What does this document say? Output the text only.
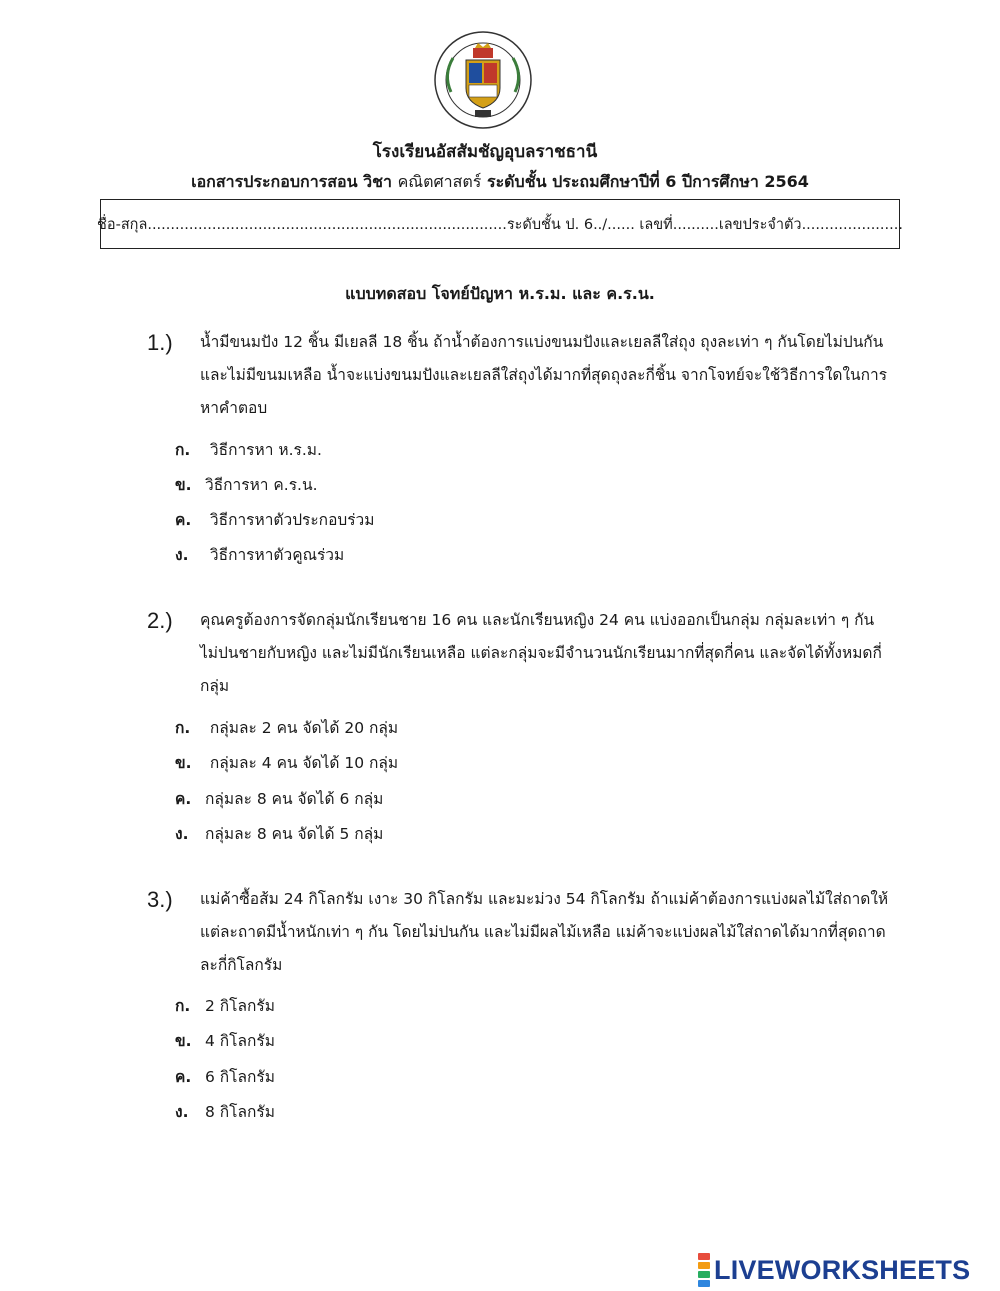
โรงเรียนอัสสัมชัญอุบลราชธานี
เอกสารประกอบการสอน วิชา คณิตศาสตร์ ระดับชั้น ประถมศึกษาปีที่ 6 ปีการศึกษา 2564
ชื่อ-สกุล..............................................................................ระดับชั้น ป. 6../...... เลขที่..........เลขประจำตัว......................
แบบทดสอบ โจทย์ปัญหา ห.ร.ม. และ ค.ร.น.
1.) น้ำมีขนมปัง 12 ชิ้น มีเยลลี 18 ชิ้น ถ้าน้ำต้องการแบ่งขนมปังและเยลลีใส่ถุง ถุงละเท่า ๆ กันโดยไม่ปนกันและไม่มีขนมเหลือ น้ำจะแบ่งขนมปังและเยลลีใส่ถุงได้มากที่สุดถุงละกี่ชิ้น จากโจทย์จะใช้วิธีการใดในการหาคำตอบ
ก. วิธีการหา ห.ร.ม.
ข. วิธีการหา ค.ร.น.
ค. วิธีการหาตัวประกอบร่วม
ง. วิธีการหาตัวคูณร่วม
2.) คุณครูต้องการจัดกลุ่มนักเรียนชาย 16 คน และนักเรียนหญิง 24 คน แบ่งออกเป็นกลุ่ม กลุ่มละเท่า ๆ กัน ไม่ปนชายกับหญิง และไม่มีนักเรียนเหลือ แต่ละกลุ่มจะมีจำนวนนักเรียนมากที่สุดกี่คน และจัดได้ทั้งหมดกี่กลุ่ม
ก. กลุ่มละ 2 คน จัดได้ 20 กลุ่ม
ข. กลุ่มละ 4 คน จัดได้ 10 กลุ่ม
ค. กลุ่มละ 8 คน จัดได้ 6 กลุ่ม
ง. กลุ่มละ 8 คน จัดได้ 5 กลุ่ม
3.) แม่ค้าซื้อส้ม 24 กิโลกรัม เงาะ 30 กิโลกรัม และมะม่วง 54 กิโลกรัม ถ้าแม่ค้าต้องการแบ่งผลไม้ใส่ถาดให้แต่ละถาดมีน้ำหนักเท่า ๆ กัน โดยไม่ปนกัน และไม่มีผลไม้เหลือ แม่ค้าจะแบ่งผลไม้ใส่ถาดได้มากที่สุดถาดละกี่กิโลกรัม
ก. 2 กิโลกรัม
ข. 4 กิโลกรัม
ค. 6 กิโลกรัม
ง. 8 กิโลกรัม
LIVEWORKSHEETS
